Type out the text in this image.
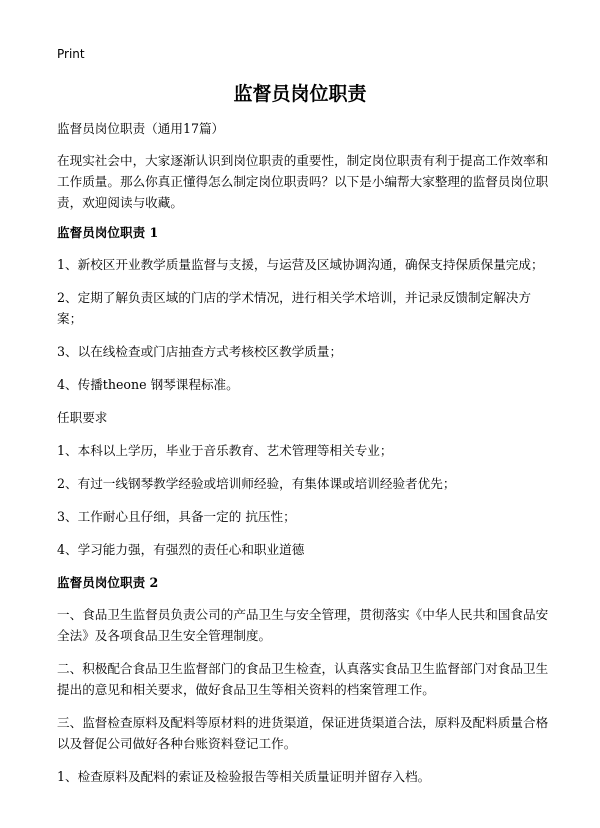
Print
监督员岗位职责

监督员岗位职责（通用17篇）

在现实社会中，大家逐渐认识到岗位职责的重要性，制定岗位职责有利于提高工作效率和工作质量。那么你真正懂得怎么制定岗位职责吗？以下是小编帮大家整理的监督员岗位职责，欢迎阅读与收藏。

监督员岗位职责 1

1、新校区开业教学质量监督与支援，与运营及区域协调沟通，确保支持保质保量完成；

2、定期了解负责区域的门店的学术情况，进行相关学术培训，并记录反馈制定解决方案；

3、以在线检查或门店抽查方式考核校区教学质量；

4、传播theone 钢琴课程标准。

任职要求

1、本科以上学历，毕业于音乐教育、艺术管理等相关专业；

2、有过一线钢琴教学经验或培训师经验，有集体课或培训经验者优先；

3、工作耐心且仔细，具备一定的 抗压性；

4、学习能力强，有强烈的责任心和职业道德

监督员岗位职责 2

一、食品卫生监督员负责公司的产品卫生与安全管理，贯彻落实《中华人民共和国食品安全法》及各项食品卫生安全管理制度。

二、积极配合食品卫生监督部门的食品卫生检查，认真落实食品卫生监督部门对食品卫生提出的意见和相关要求，做好食品卫生等相关资料的档案管理工作。

三、监督检查原料及配料等原材料的进货渠道，保证进货渠道合法，原料及配料质量合格以及督促公司做好各种台账资料登记工作。

1、检查原料及配料的索证及检验报告等相关质量证明并留存入档。
